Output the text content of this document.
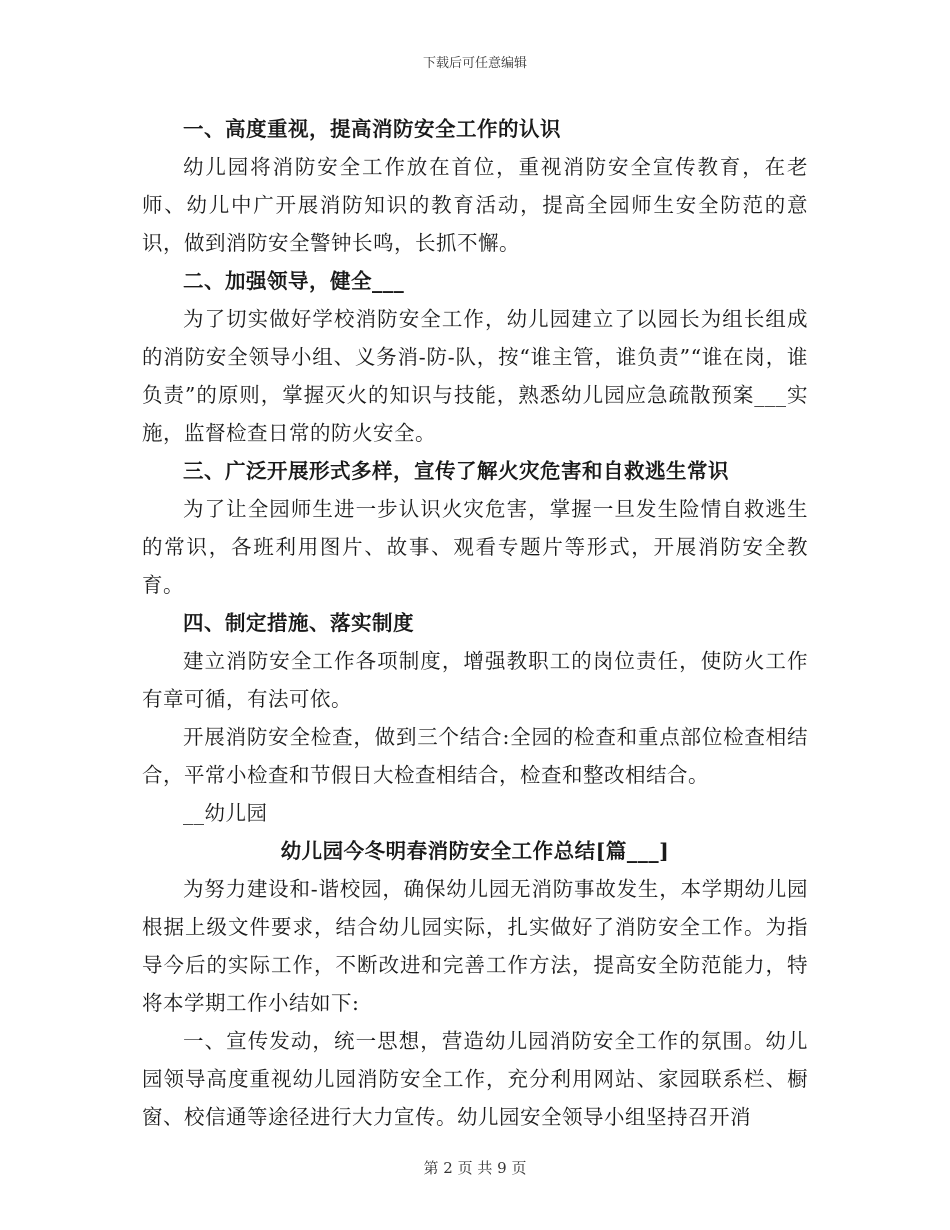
下载后可任意编辑

一、高度重视，提高消防安全工作的认识

幼儿园将消防安全工作放在首位，重视消防安全宣传教育，在老师、幼儿中广开展消防知识的教育活动，提高全园师生安全防范的意识，做到消防安全警钟长鸣，长抓不懈。

二、加强领导，健全___

为了切实做好学校消防安全工作，幼儿园建立了以园长为组长组成的消防安全领导小组、义务消-防-队，按“谁主管，谁负责”“谁在岗，谁负责”的原则，掌握灭火的知识与技能，熟悉幼儿园应急疏散预案___实施，监督检查日常的防火安全。

三、广泛开展形式多样，宣传了解火灾危害和自救逃生常识

为了让全园师生进一步认识火灾危害，掌握一旦发生险情自救逃生的常识，各班利用图片、故事、观看专题片等形式，开展消防安全教育。

四、制定措施、落实制度

建立消防安全工作各项制度，增强教职工的岗位责任，使防火工作有章可循，有法可依。

开展消防安全检查，做到三个结合:全园的检查和重点部位检查相结合，平常小检查和节假日大检查相结合，检查和整改相结合。

__幼儿园

幼儿园今冬明春消防安全工作总结[篇___]

为努力建设和-谐校园，确保幼儿园无消防事故发生，本学期幼儿园根据上级文件要求，结合幼儿园实际，扎实做好了消防安全工作。为指导今后的实际工作，不断改进和完善工作方法，提高安全防范能力，特将本学期工作小结如下:

一、宣传发动，统一思想，营造幼儿园消防安全工作的氛围。幼儿园领导高度重视幼儿园消防安全工作，充分利用网站、家园联系栏、橱窗、校信通等途径进行大力宣传。幼儿园安全领导小组坚持召开消

第 2 页 共 9 页
